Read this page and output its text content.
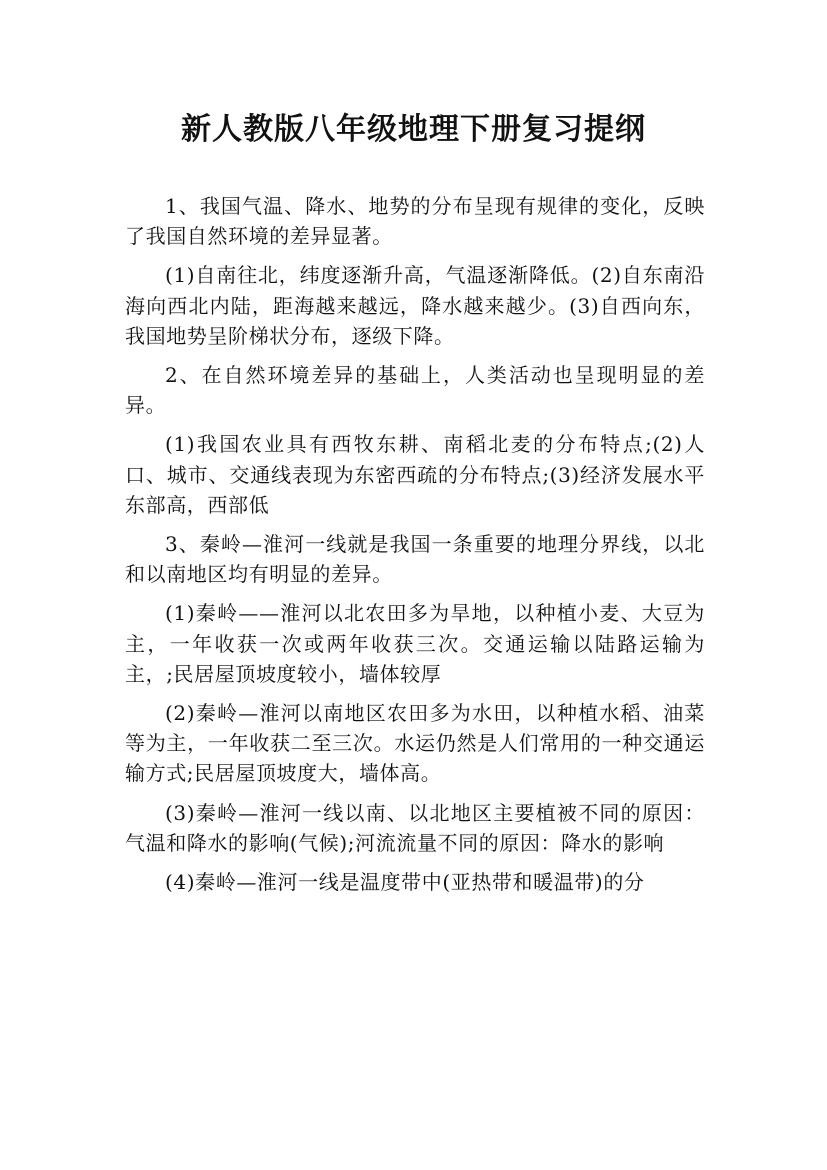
新人教版八年级地理下册复习提纲

1、我国气温、降水、地势的分布呈现有规律的变化，反映了我国自然环境的差异显著。

(1)自南往北，纬度逐渐升高，气温逐渐降低。(2)自东南沿海向西北内陆，距海越来越远，降水越来越少。(3)自西向东，我国地势呈阶梯状分布，逐级下降。

2、在自然环境差异的基础上，人类活动也呈现明显的差异。

(1)我国农业具有西牧东耕、南稻北麦的分布特点;(2)人口、城市、交通线表现为东密西疏的分布特点;(3)经济发展水平东部高，西部低

3、秦岭—淮河一线就是我国一条重要的地理分界线，以北和以南地区均有明显的差异。

(1)秦岭——淮河以北农田多为旱地，以种植小麦、大豆为主，一年收获一次或两年收获三次。交通运输以陆路运输为主，;民居屋顶坡度较小，墙体较厚

(2)秦岭—淮河以南地区农田多为水田，以种植水稻、油菜等为主，一年收获二至三次。水运仍然是人们常用的一种交通运输方式;民居屋顶坡度大，墙体高。

(3)秦岭—淮河一线以南、以北地区主要植被不同的原因：气温和降水的影响(气候);河流流量不同的原因：降水的影响

(4)秦岭—淮河一线是温度带中(亚热带和暖温带)的分
